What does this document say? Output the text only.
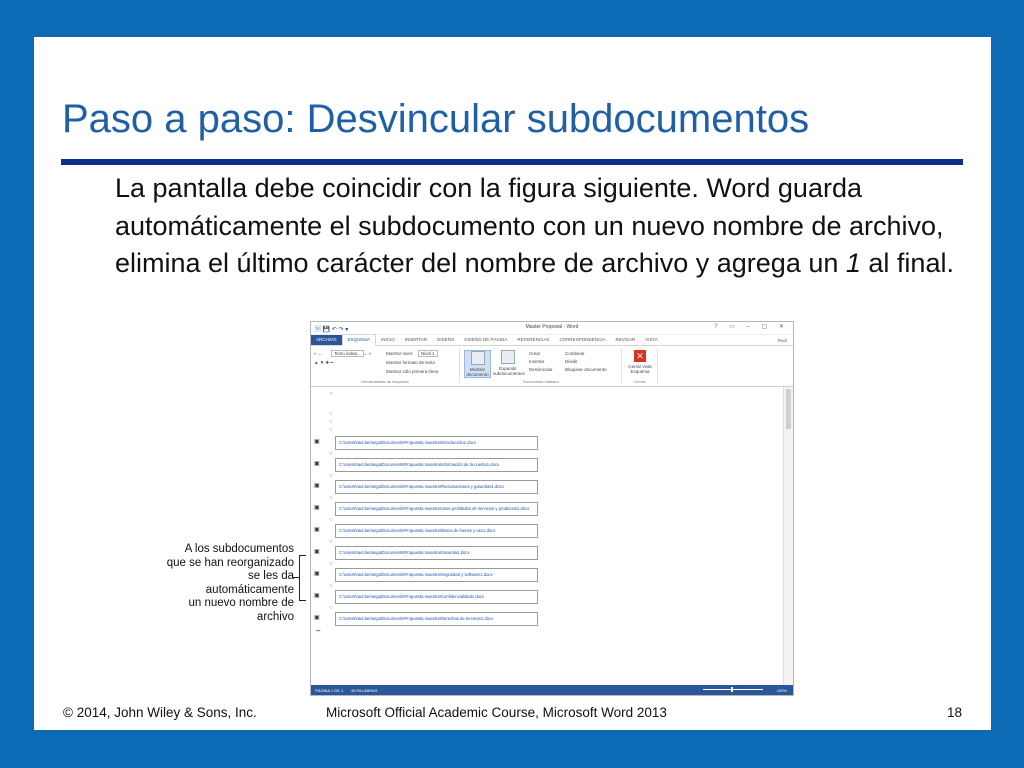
Paso a paso: Desvincular subdocumentos
La pantalla debe coincidir con la figura siguiente. Word guarda automáticamente el subdocumento con un nuevo nombre de archivo, elimina el último carácter del nombre de archivo y agrega un 1 al final.
A los subdocumentos
que se han reorganizado
se les da automáticamente
un nuevo nombre de archivo
🅆 💾 ↶ ↷ ▾	Master Proposal - Word	? ▭ – ▢ ✕
ARCHIVO	ESQUEMA	INICIO	INSERTAR	DISEÑO	DISEÑO DE PÁGINA	REFERENCIAS	CORRESPONDENCIA	REVISAR	VISTA	Raúl
« ←	Texto indep... → »
▲ ▼ ✚ ━
Mostrar nivel:	Nivel 1
Mostrar formato de texto
Mostrar sólo primera línea
Herramientas de esquema
Mostrar documento
Expandir subdocumentos
Crear
Insertar
Desvincular
Combinar
Dividir
Bloquear documento
Documento maestro
✕
Cerrar vista Esquema
Cerrar
○
○
○
○
▣	C:\Users\raul.berlanga\Documents\Propuesta maestra\Introducción1.docx
○
▣	C:\Users\raul.berlanga\Documents\Propuesta maestra\Información de la cuenta1.docx
○
▣	C:\Users\raul.berlanga\Documents\Propuesta maestra\Reclamaciones y garantías1.docx
○
▣	C:\Users\raul.berlanga\Documents\Propuesta maestra\Usos prohibidos de servicios y productos1.docx
○
▣	C:\Users\raul.berlanga\Documents\Propuesta maestra\Marca de bienes y uso1.docx
○
▣	C:\Users\raul.berlanga\Documents\Propuesta maestra\Garantía1.docx
○
▣	C:\Users\raul.berlanga\Documents\Propuesta maestra\Seguridad y software1.docx
○
▣	C:\Users\raul.berlanga\Documents\Propuesta maestra\Confidencialidad1.docx
○
▣	C:\Users\raul.berlanga\Documents\Propuesta maestra\Derechos de terceros1.docx
━
PÁGINA 1 DE 1 45 PALABRAS	100%
© 2014, John Wiley & Sons, Inc.	Microsoft Official Academic Course, Microsoft Word 2013	18
